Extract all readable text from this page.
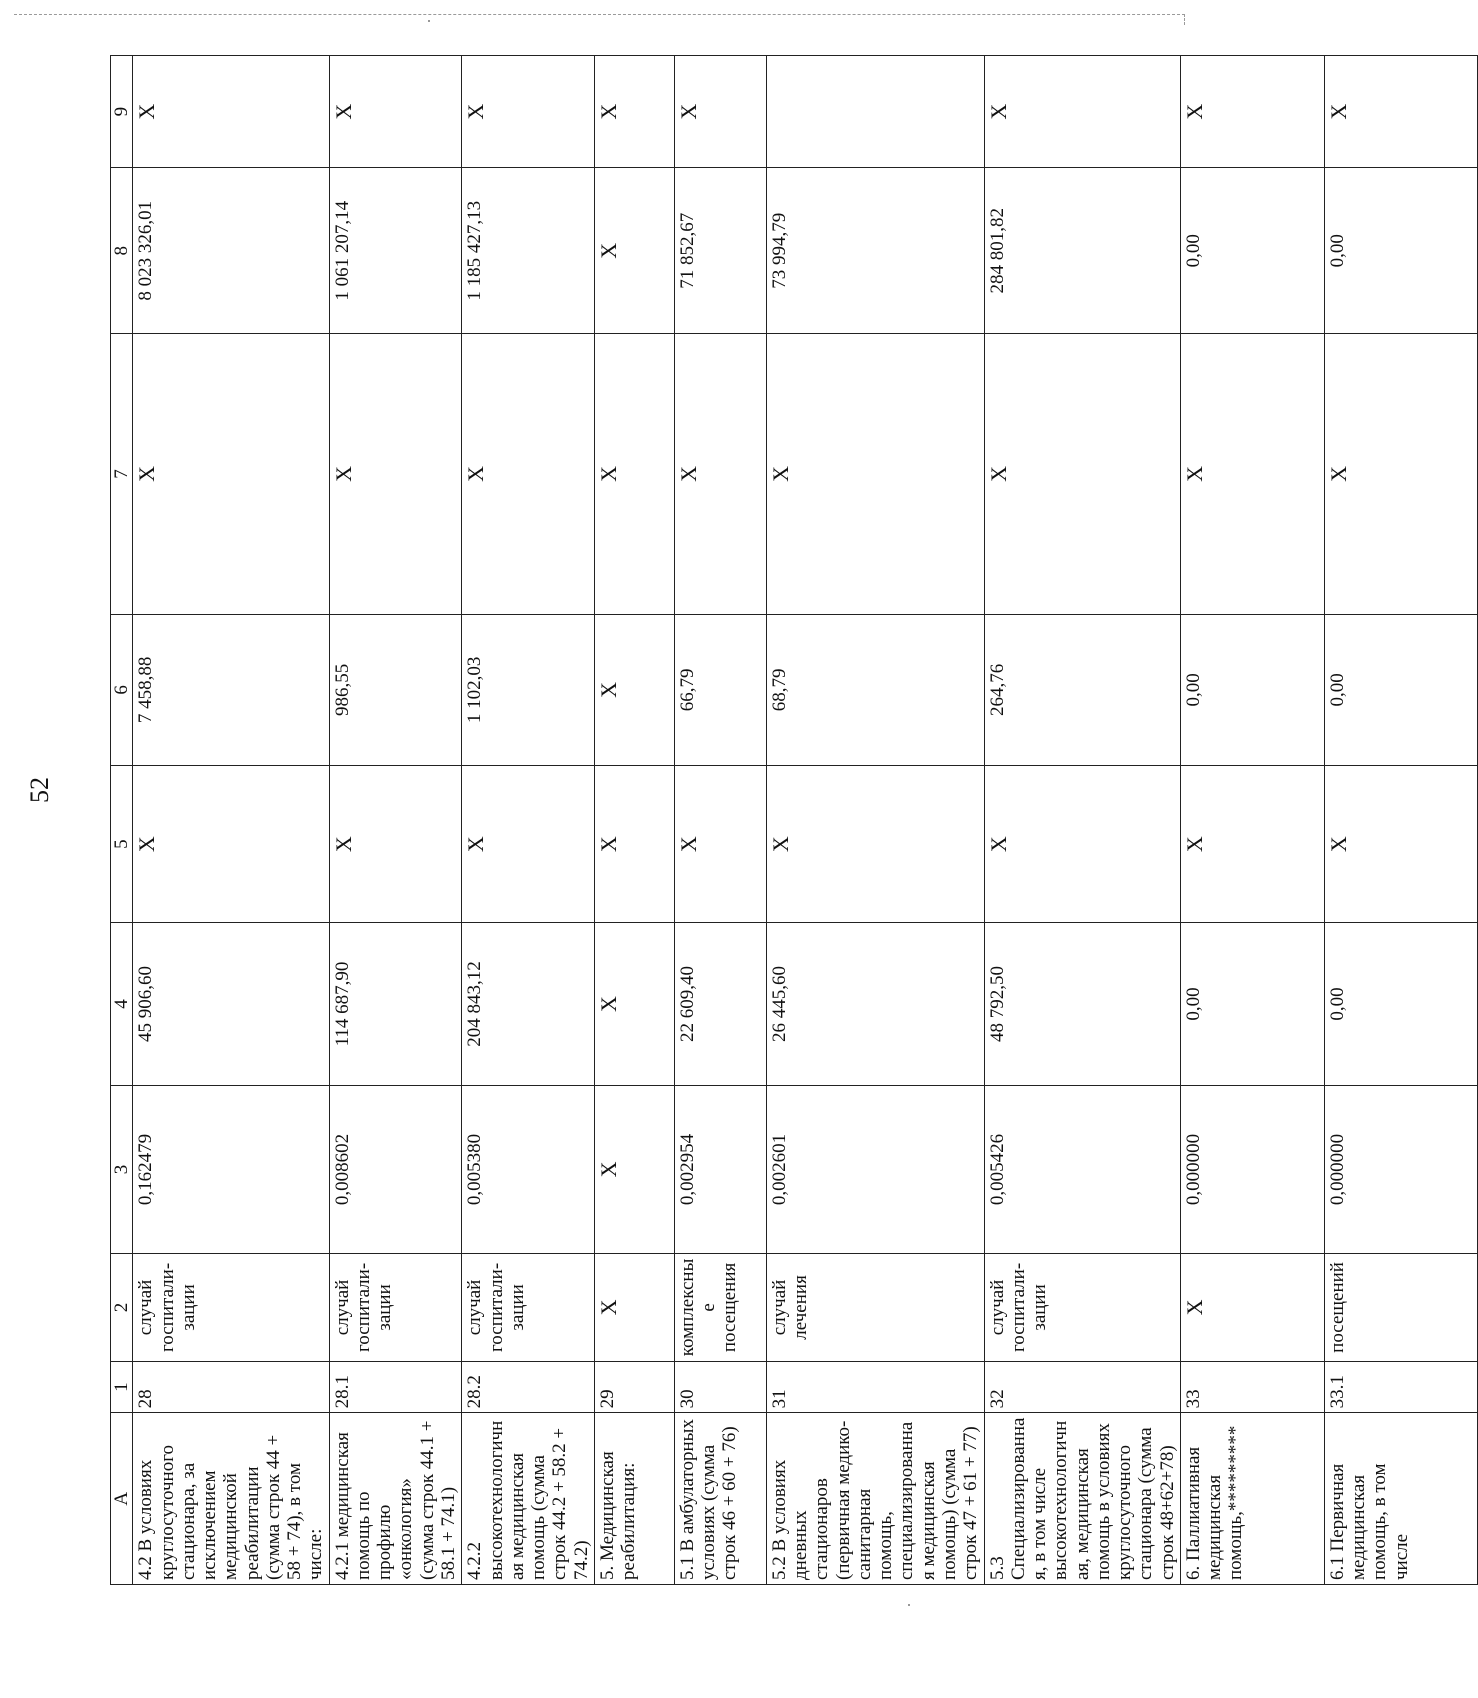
52
А	1	2	3	4	5	6	7	8	9
4.2 В условиях круглосуточного стационара, за исключением медицинской реабилитации (сумма строк 44 + 58 + 74), в том числе:	28	случай госпитали-зации	0,162479	45 906,60	Х	7 458,88	Х	8 023 326,01	Х
4.2.1 медицинская помощь по профилю «онкология» (сумма строк 44.1 + 58.1 + 74.1)	28.1	случай госпитали-зации	0,008602	114 687,90	Х	986,55	Х	1 061 207,14	Х
4.2.2 высокотехнологичная медицинская помощь (сумма строк 44.2 + 58.2 + 74.2)	28.2	случай госпитали-зации	0,005380	204 843,12	Х	1 102,03	Х	1 185 427,13	Х
5. Медицинская реабилитация:	29	Х	Х	Х	Х	Х	Х	Х	Х
5.1 В амбулаторных условиях (сумма строк 46 + 60 + 76)	30	комплексные посещения	0,002954	22 609,40	Х	66,79	Х	71 852,67	Х
5.2 В условиях дневных стационаров (первичная медико-санитарная помощь, специализированная медицинская помощь) (сумма строк 47 + 61 + 77)	31	случай лечения	0,002601	26 445,60	Х	68,79	Х	73 994,79	
5.3 Специализированная, в том числе высокотехнологичная, медицинская помощь в условиях круглосуточного стационара (сумма строк 48+62+78)	32	случай госпитали-зации	0,005426	48 792,50	Х	264,76	Х	284 801,82	Х
6. Паллиативная медицинская помощь,*********	33	Х	0,000000	0,00	Х	0,00	Х	0,00	Х
6.1 Первичная медицинская помощь, в том числе	33.1	посещений	0,000000	0,00	Х	0,00	Х	0,00	Х
